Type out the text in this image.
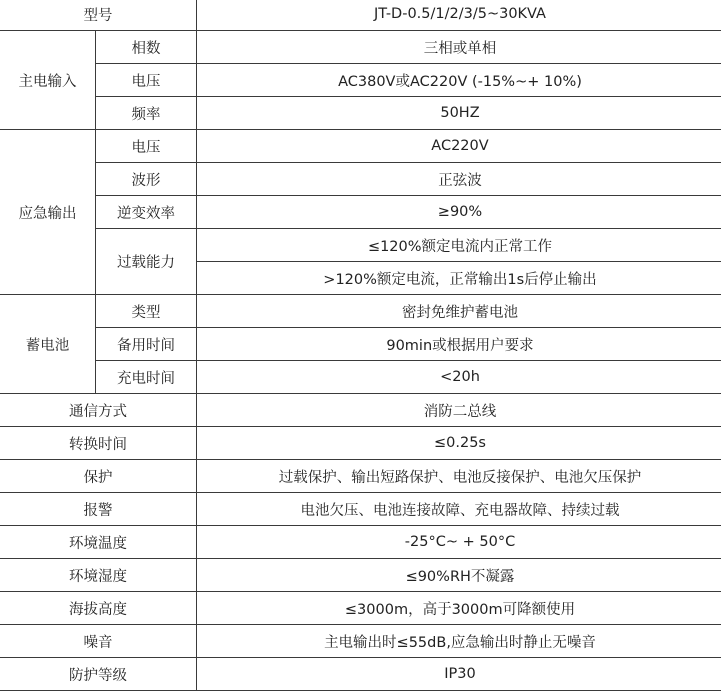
型号		JT-D-0.5/1/2/3/5~30KVA
主电输入	相数	三相或单相
	电压	AC380V或AC220V (-15%~+ 10%)
	频率	50HZ
应急输出	电压	AC220V
	波形	正弦波
	逆变效率	≥90%
	过载能力	≤120%额定电流内正常工作
		>120%额定电流，正常输出1s后停止输出
蓄电池	类型	密封免维护蓄电池
	备用时间	90min或根据用户要求
	充电时间	<20h
通信方式		消防二总线
转换时间		≤0.25s
保护		过载保护、输出短路保护、电池反接保护、电池欠压保护
报警		电池欠压、电池连接故障、充电器故障、持续过载
环境温度		-25°C~ + 50°C
环境湿度		≤90%RH不凝露
海拔高度		≤3000m，高于3000m可降额使用
噪音		主电输出时≤55dB,应急输出时静止无噪音
防护等级		IP30
